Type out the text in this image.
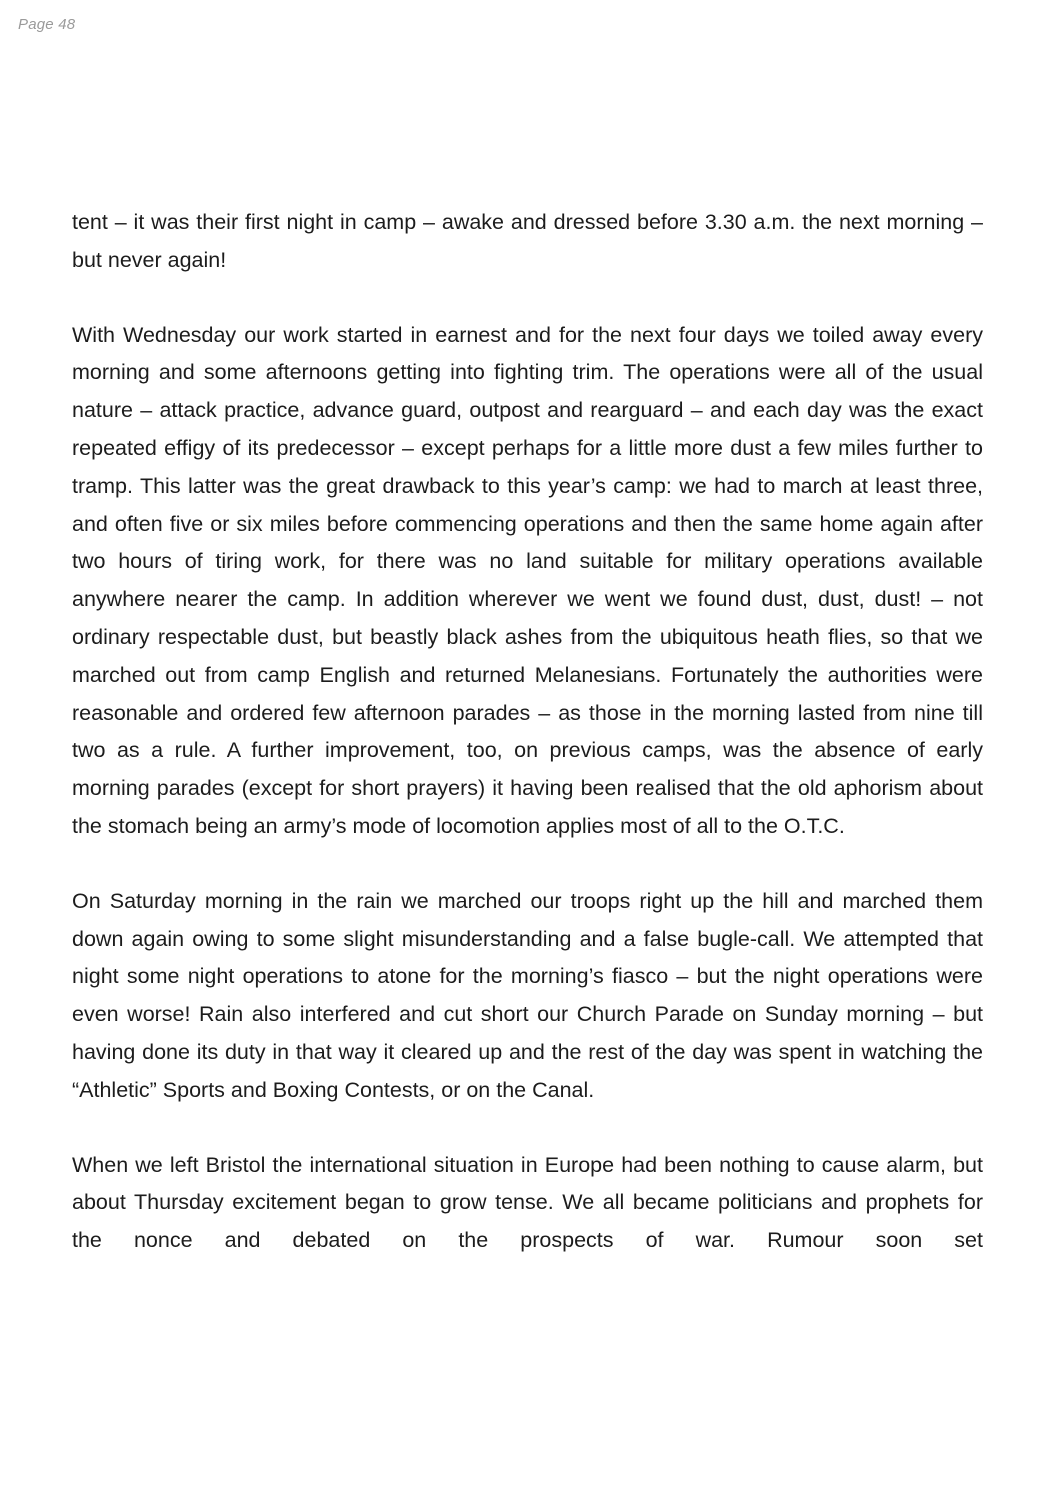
Page 48

tent – it was their first night in camp – awake and dressed before 3.30 a.m. the next morning – but never again!

With Wednesday our work started in earnest and for the next four days we toiled away every morning and some afternoons getting into fighting trim. The operations were all of the usual nature – attack practice, advance guard, outpost and rearguard – and each day was the exact repeated effigy of its predecessor – except perhaps for a little more dust a few miles further to tramp. This latter was the great drawback to this year’s camp: we had to march at least three, and often five or six miles before commencing operations and then the same home again after two hours of tiring work, for there was no land suitable for military operations available anywhere nearer the camp. In addition wherever we went we found dust, dust, dust! – not ordinary respectable dust, but beastly black ashes from the ubiquitous heath flies, so that we marched out from camp English and returned Melanesians. Fortunately the authorities were reasonable and ordered few afternoon parades – as those in the morning lasted from nine till two as a rule. A further improvement, too, on previous camps, was the absence of early morning parades (except for short prayers) it having been realised that the old aphorism about the stomach being an army’s mode of locomotion applies most of all to the O.T.C.

On Saturday morning in the rain we marched our troops right up the hill and marched them down again owing to some slight misunderstanding and a false bugle-call. We attempted that night some night operations to atone for the morning’s fiasco – but the night operations were even worse! Rain also interfered and cut short our Church Parade on Sunday morning – but having done its duty in that way it cleared up and the rest of the day was spent in watching the “Athletic” Sports and Boxing Contests, or on the Canal.

When we left Bristol the international situation in Europe had been nothing to cause alarm, but about Thursday excitement began to grow tense. We all became politicians and prophets for the nonce and debated on the prospects of war. Rumour soon set
